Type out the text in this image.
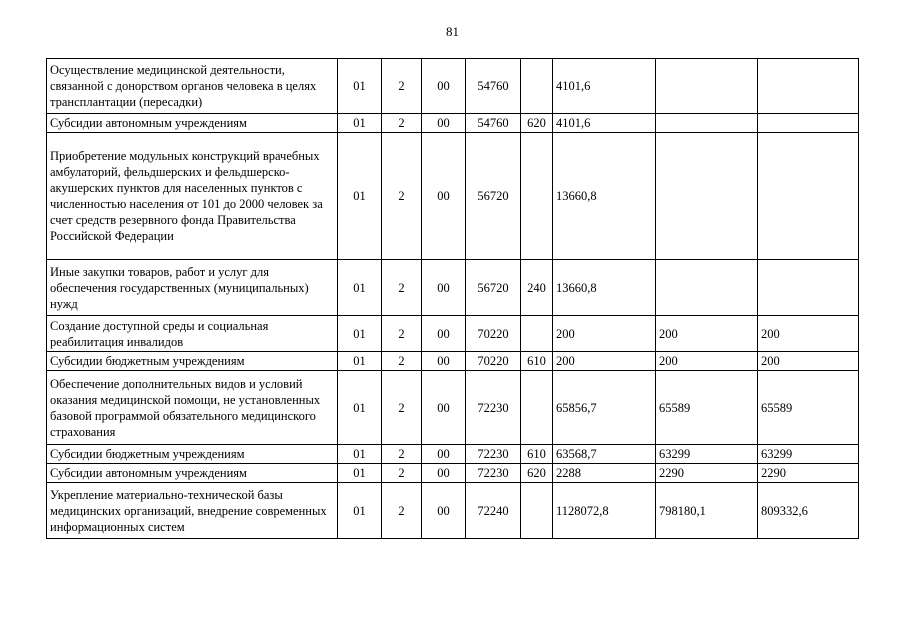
81
Осуществление медицинской деятельности, связанной с донорством органов человека в целях трансплантации (пересадки)	01	2	00	54760		4101,6		
Субсидии автономным учреждениям	01	2	00	54760	620	4101,6		
Приобретение модульных конструкций врачебных амбулаторий, фельдшерских и фельдшерско-акушерских пунктов для населенных пунктов с численностью населения от 101 до 2000 человек за счет средств резервного фонда Правительства Российской Федерации	01	2	00	56720		13660,8		
Иные закупки товаров, работ и услуг для обеспечения государственных (муниципальных) нужд	01	2	00	56720	240	13660,8		
Создание доступной среды и социальная реабилитация инвалидов	01	2	00	70220		200	200	200
Субсидии бюджетным учреждениям	01	2	00	70220	610	200	200	200
Обеспечение дополнительных видов и условий оказания медицинской помощи, не установленных базовой программой обязательного медицинского страхования	01	2	00	72230		65856,7	65589	65589
Субсидии бюджетным учреждениям	01	2	00	72230	610	63568,7	63299	63299
Субсидии автономным учреждениям	01	2	00	72230	620	2288	2290	2290
Укрепление материально-технической базы медицинских организаций, внедрение современных информационных систем	01	2	00	72240		1128072,8	798180,1	809332,6
